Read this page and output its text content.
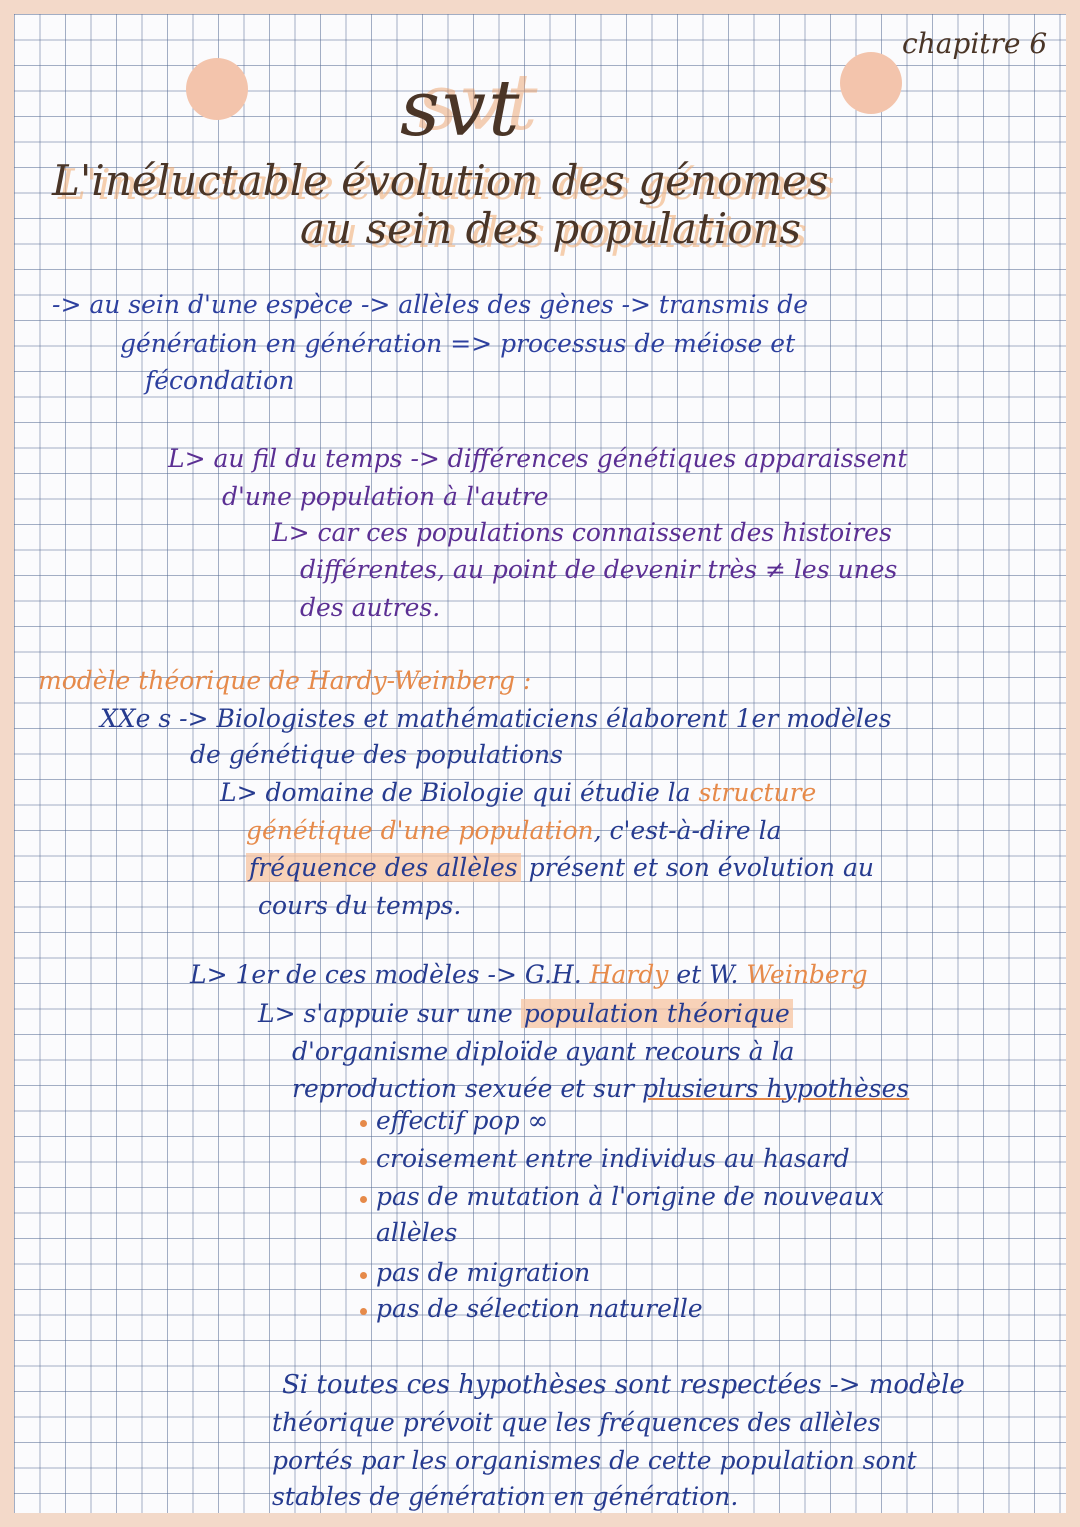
chapitre 6
svt
L'inéluctable évolution des génomes
au sein des populations
-> au sein d'une espèce -> allèles des gènes -> transmis de
génération en génération => processus de méiose et
fécondation
L> au fil du temps -> différences génétiques apparaissent
d'une population à l'autre
L> car ces populations connaissent des histoires
différentes, au point de devenir très ≠ les unes
des autres.
modèle théorique de Hardy-Weinberg :
XXe s -> Biologistes et mathématiciens élaborent 1er modèles
de génétique des populations
L> domaine de Biologie qui étudie la structure
génétique d'une population, c'est-à-dire la
fréquence des allèles présent et son évolution au
cours du temps.
L> 1er de ces modèles -> G.H. Hardy et W. Weinberg
L> s'appuie sur une population théorique
d'organisme diploïde ayant recours à la
reproduction sexuée et sur plusieurs hypothèses
effectif pop ∞
croisement entre individus au hasard
pas de mutation à l'origine de nouveaux
allèles
pas de migration
pas de sélection naturelle
Si toutes ces hypothèses sont respectées -> modèle
théorique prévoit que les fréquences des allèles
portés par les organismes de cette population sont
stables de génération en génération.
